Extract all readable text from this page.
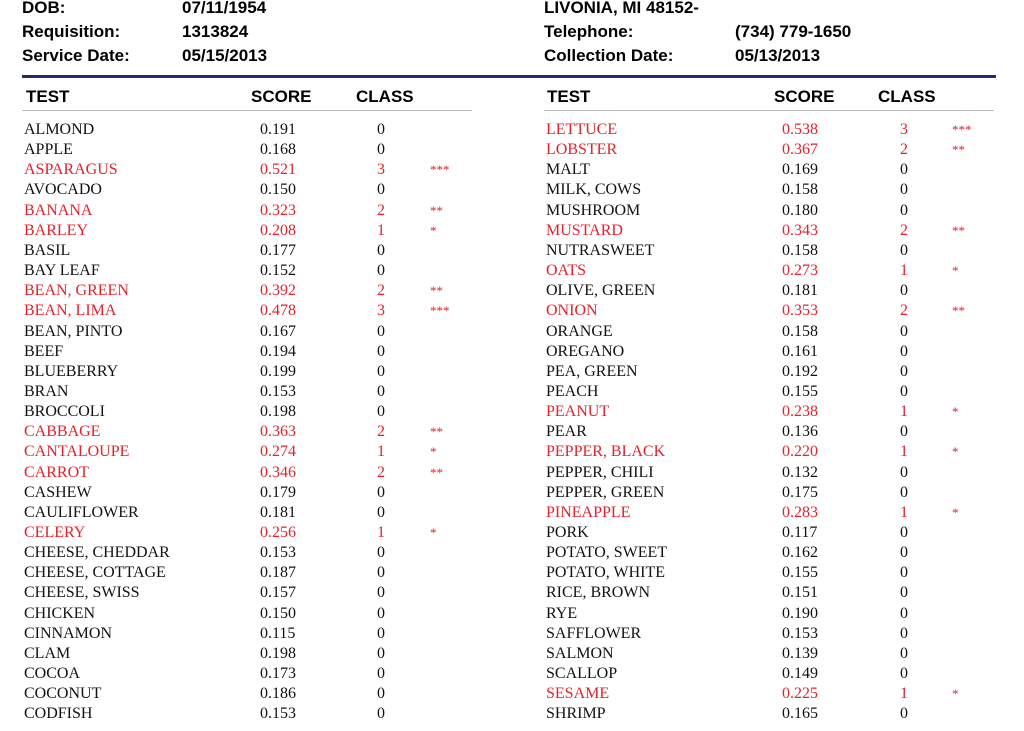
DOB:	07/11/1954
Requisition:	1313824
Service Date:	05/15/2013
LIVONIA, MI 48152-
Telephone:	(734) 779-1650
Collection Date:	05/13/2013
TEST	SCORE	CLASS	TEST	SCORE	CLASS
ALMOND	0.191	0
APPLE	0.168	0
ASPARAGUS	0.521	3	***
AVOCADO	0.150	0
BANANA	0.323	2	**
BARLEY	0.208	1	*
BASIL	0.177	0
BAY LEAF	0.152	0
BEAN, GREEN	0.392	2	**
BEAN, LIMA	0.478	3	***
BEAN, PINTO	0.167	0
BEEF	0.194	0
BLUEBERRY	0.199	0
BRAN	0.153	0
BROCCOLI	0.198	0
CABBAGE	0.363	2	**
CANTALOUPE	0.274	1	*
CARROT	0.346	2	**
CASHEW	0.179	0
CAULIFLOWER	0.181	0
CELERY	0.256	1	*
CHEESE, CHEDDAR	0.153	0
CHEESE, COTTAGE	0.187	0
CHEESE, SWISS	0.157	0
CHICKEN	0.150	0
CINNAMON	0.115	0
CLAM	0.198	0
COCOA	0.173	0
COCONUT	0.186	0
CODFISH	0.153	0
LETTUCE	0.538	3	***
LOBSTER	0.367	2	**
MALT	0.169	0
MILK, COWS	0.158	0
MUSHROOM	0.180	0
MUSTARD	0.343	2	**
NUTRASWEET	0.158	0
OATS	0.273	1	*
OLIVE, GREEN	0.181	0
ONION	0.353	2	**
ORANGE	0.158	0
OREGANO	0.161	0
PEA, GREEN	0.192	0
PEACH	0.155	0
PEANUT	0.238	1	*
PEAR	0.136	0
PEPPER, BLACK	0.220	1	*
PEPPER, CHILI	0.132	0
PEPPER, GREEN	0.175	0
PINEAPPLE	0.283	1	*
PORK	0.117	0
POTATO, SWEET	0.162	0
POTATO, WHITE	0.155	0
RICE, BROWN	0.151	0
RYE	0.190	0
SAFFLOWER	0.153	0
SALMON	0.139	0
SCALLOP	0.149	0
SESAME	0.225	1	*
SHRIMP	0.165	0
